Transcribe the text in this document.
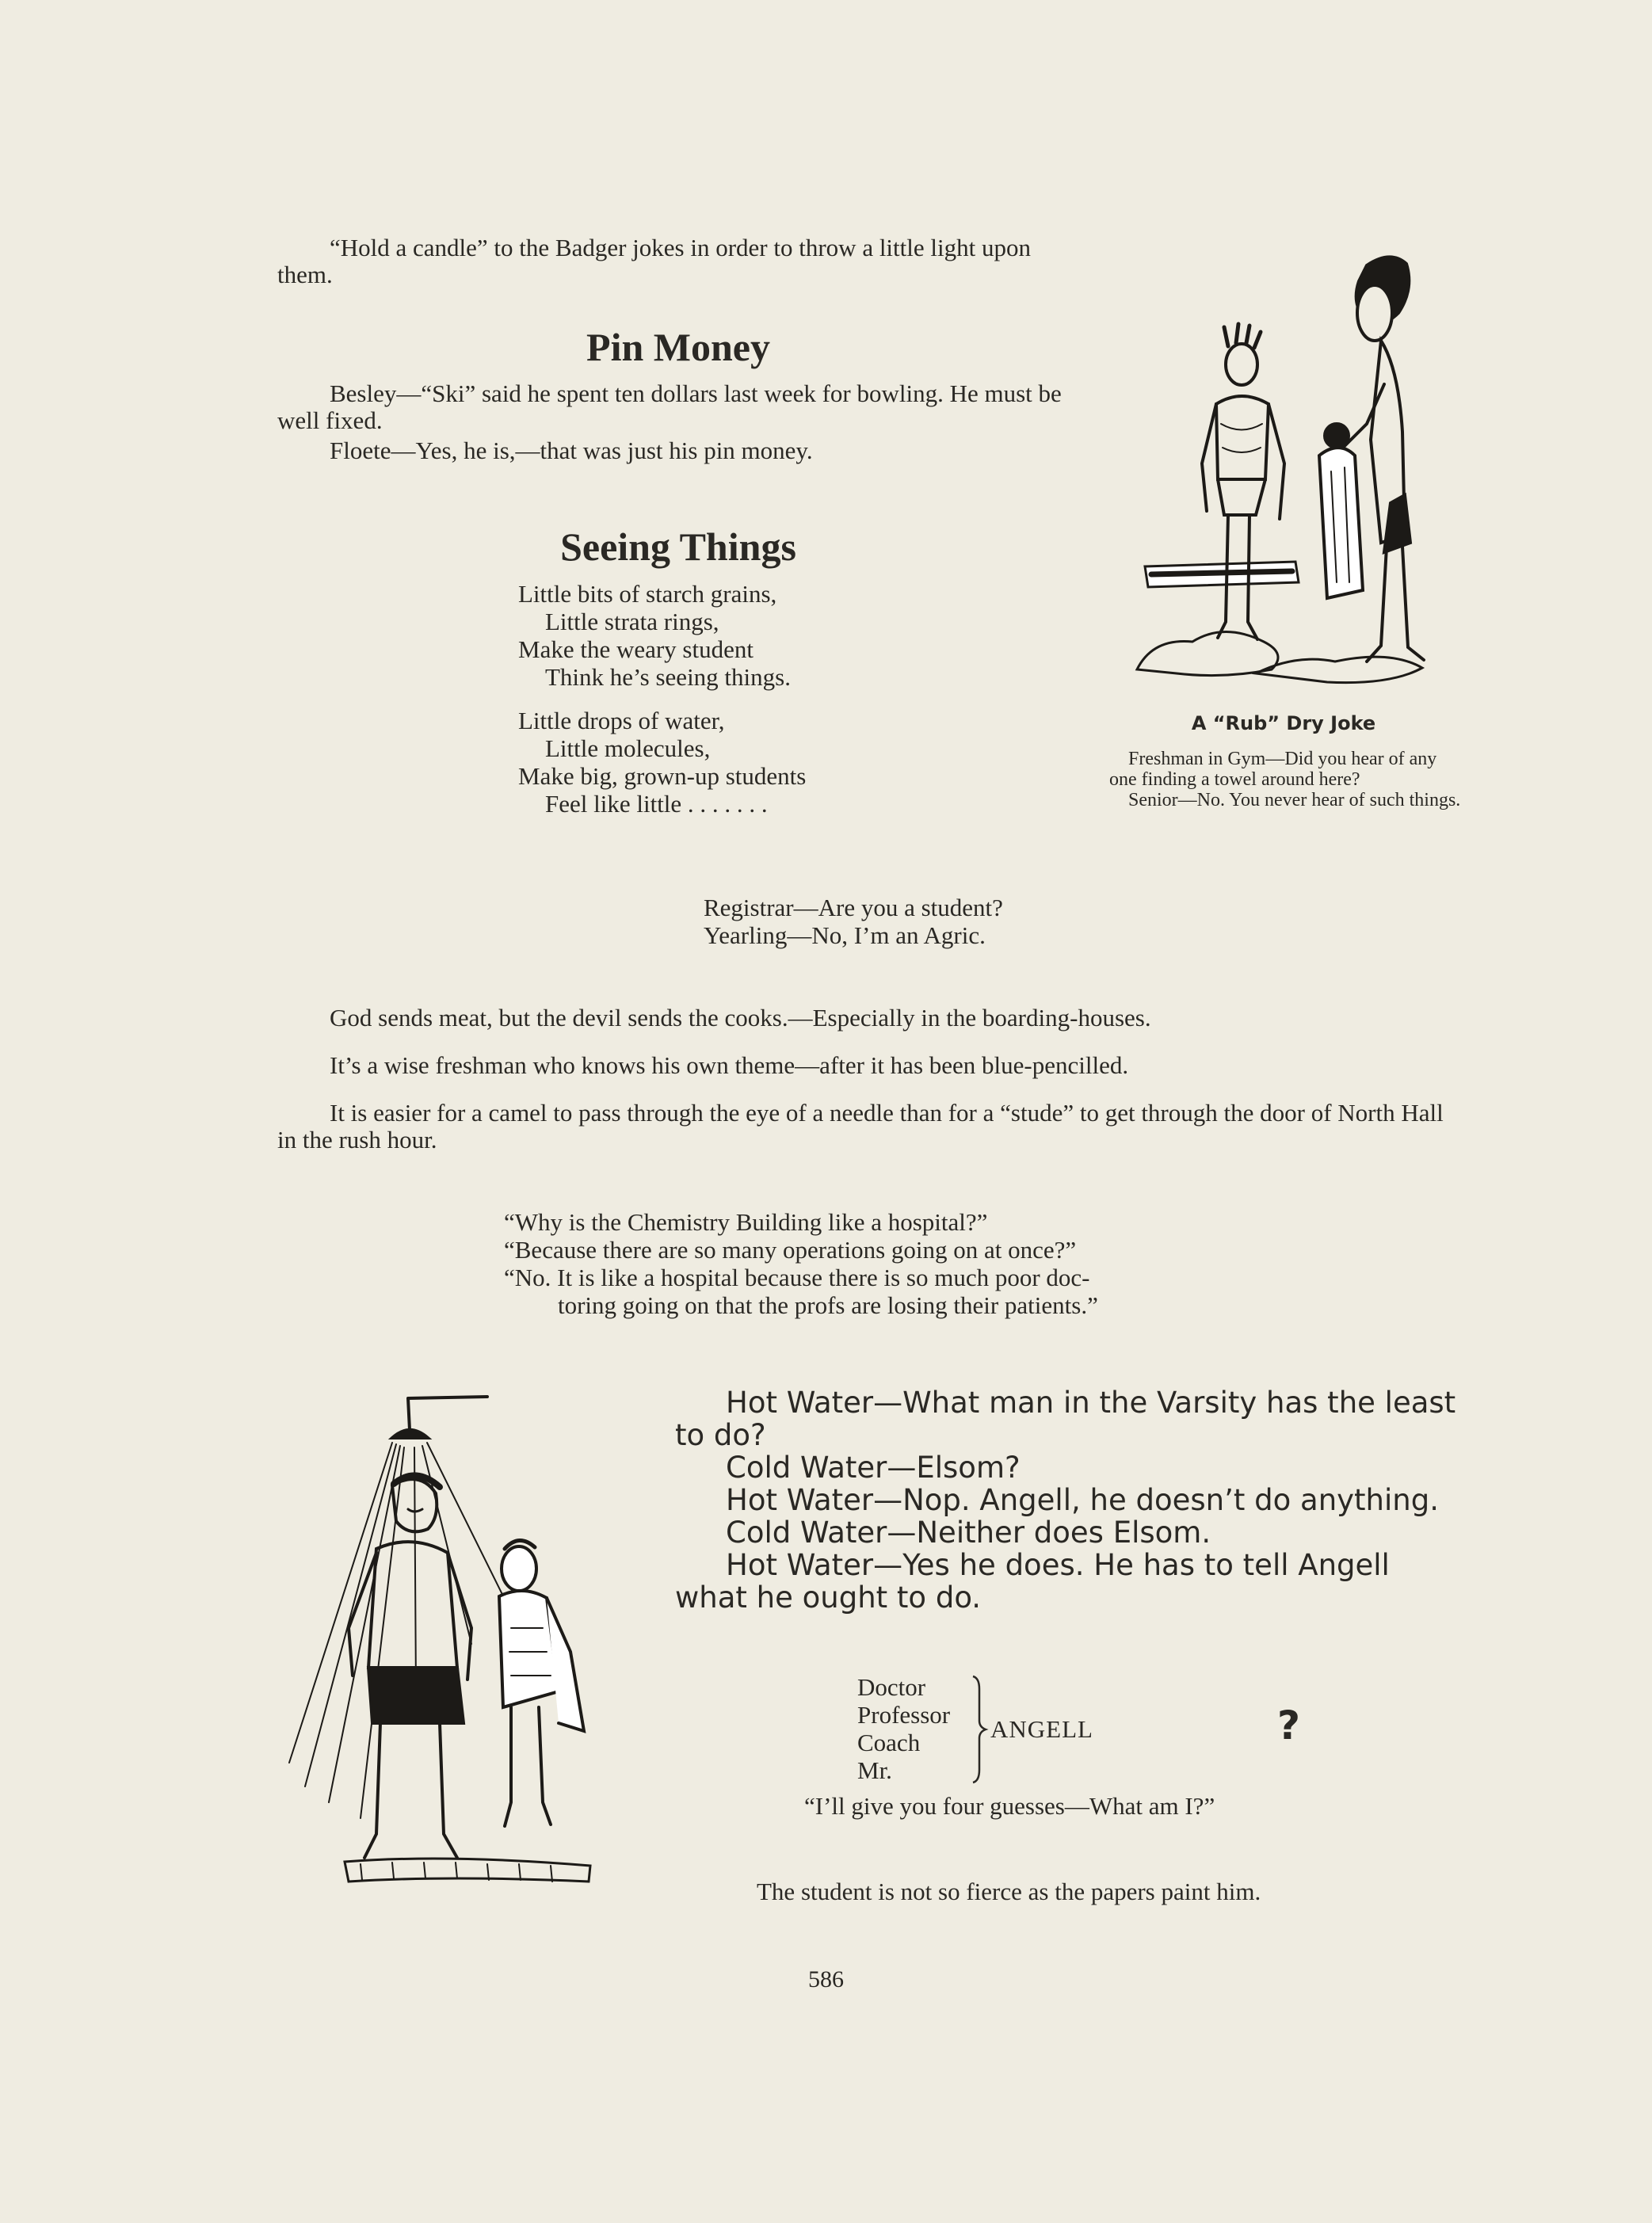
“Hold a candle” to the Badger jokes in order to throw a little light upon them.

Pin Money

Besley—“Ski” said he spent ten dollars last week for bowling. He must be well fixed.

Floete—Yes, he is,—that was just his pin money.

Seeing Things

Little bits of starch grains,

Little strata rings,

Make the weary student

Think he’s seeing things.

Little drops of water,

Little molecules,

Make big, grown-up students

Feel like little . . . . . . .

A “Rub” Dry Joke

Freshman in Gym—Did you hear of any one finding a towel around here?

Senior—No. You never hear of such things.

Registrar—Are you a student?

Yearling—No, I’m an Agric.

God sends meat, but the devil sends the cooks.—Especially in the boarding-houses.

It’s a wise freshman who knows his own theme—after it has been blue-pencilled.

It is easier for a camel to pass through the eye of a needle than for a “stude” to get through the door of North Hall in the rush hour.

“Why is the Chemistry Building like a hospital?”

“Because there are so many operations going on at once?”

“No. It is like a hospital because there is so much poor doc-

toring going on that the profs are losing their patients.”

Hot Water—What man in the Varsity has the least to do?

Cold Water—Elsom?

Hot Water—Nop. Angell, he doesn’t do anything.

Cold Water—Neither does Elsom.

Hot Water—Yes he does. He has to tell Angell what he ought to do.

Doctor

Professor

Coach

Mr.

ANGELL	?

“I’ll give you four guesses—What am I?”

The student is not so fierce as the papers paint him.

586
